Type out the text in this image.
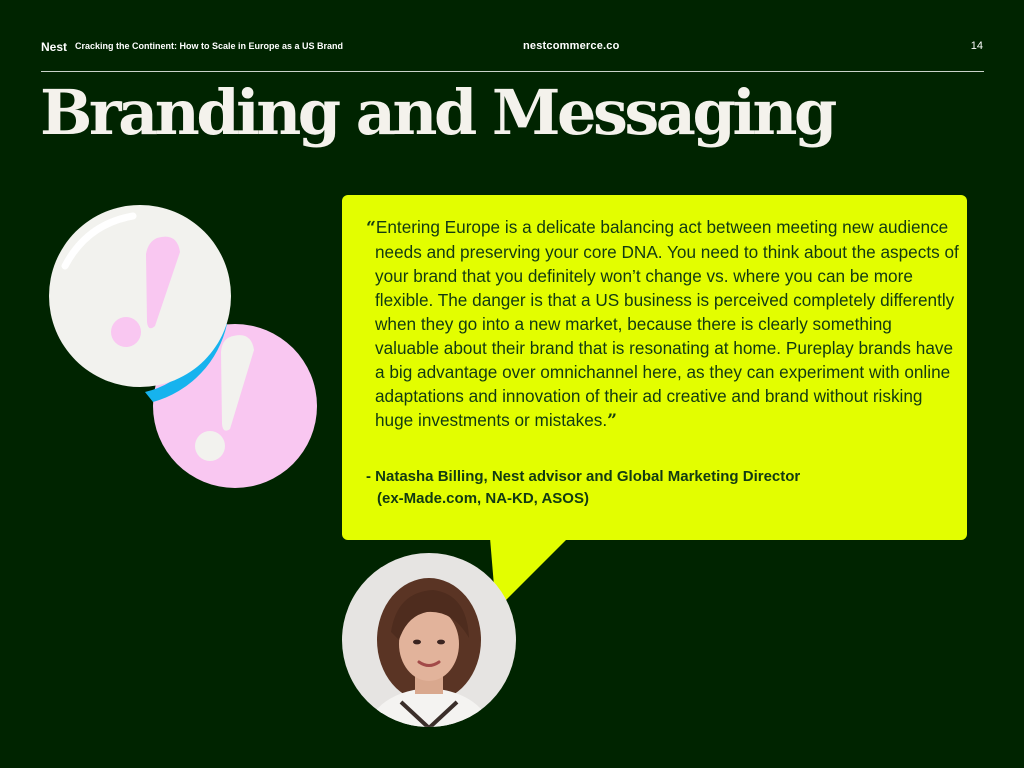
Nest Cracking the Continent: How to Scale in Europe as a US Brand	nestcommerce.co	14
Branding and Messaging

“Entering Europe is a delicate balancing act between meeting new audience needs and preserving your core DNA. You need to think about the aspects of your brand that you definitely won’t change vs. where you can be more flexible. The danger is that a US business is perceived completely differently when they go into a new market, because there is clearly something valuable about their brand that is resonating at home. Pureplay brands have a big advantage over omnichannel here, as they can experiment with online adaptations and innovation of their ad creative and brand without risking huge investments or mistakes.”

- Natasha Billing, Nest advisor and Global Marketing Director
(ex-Made.com, NA-KD, ASOS)
